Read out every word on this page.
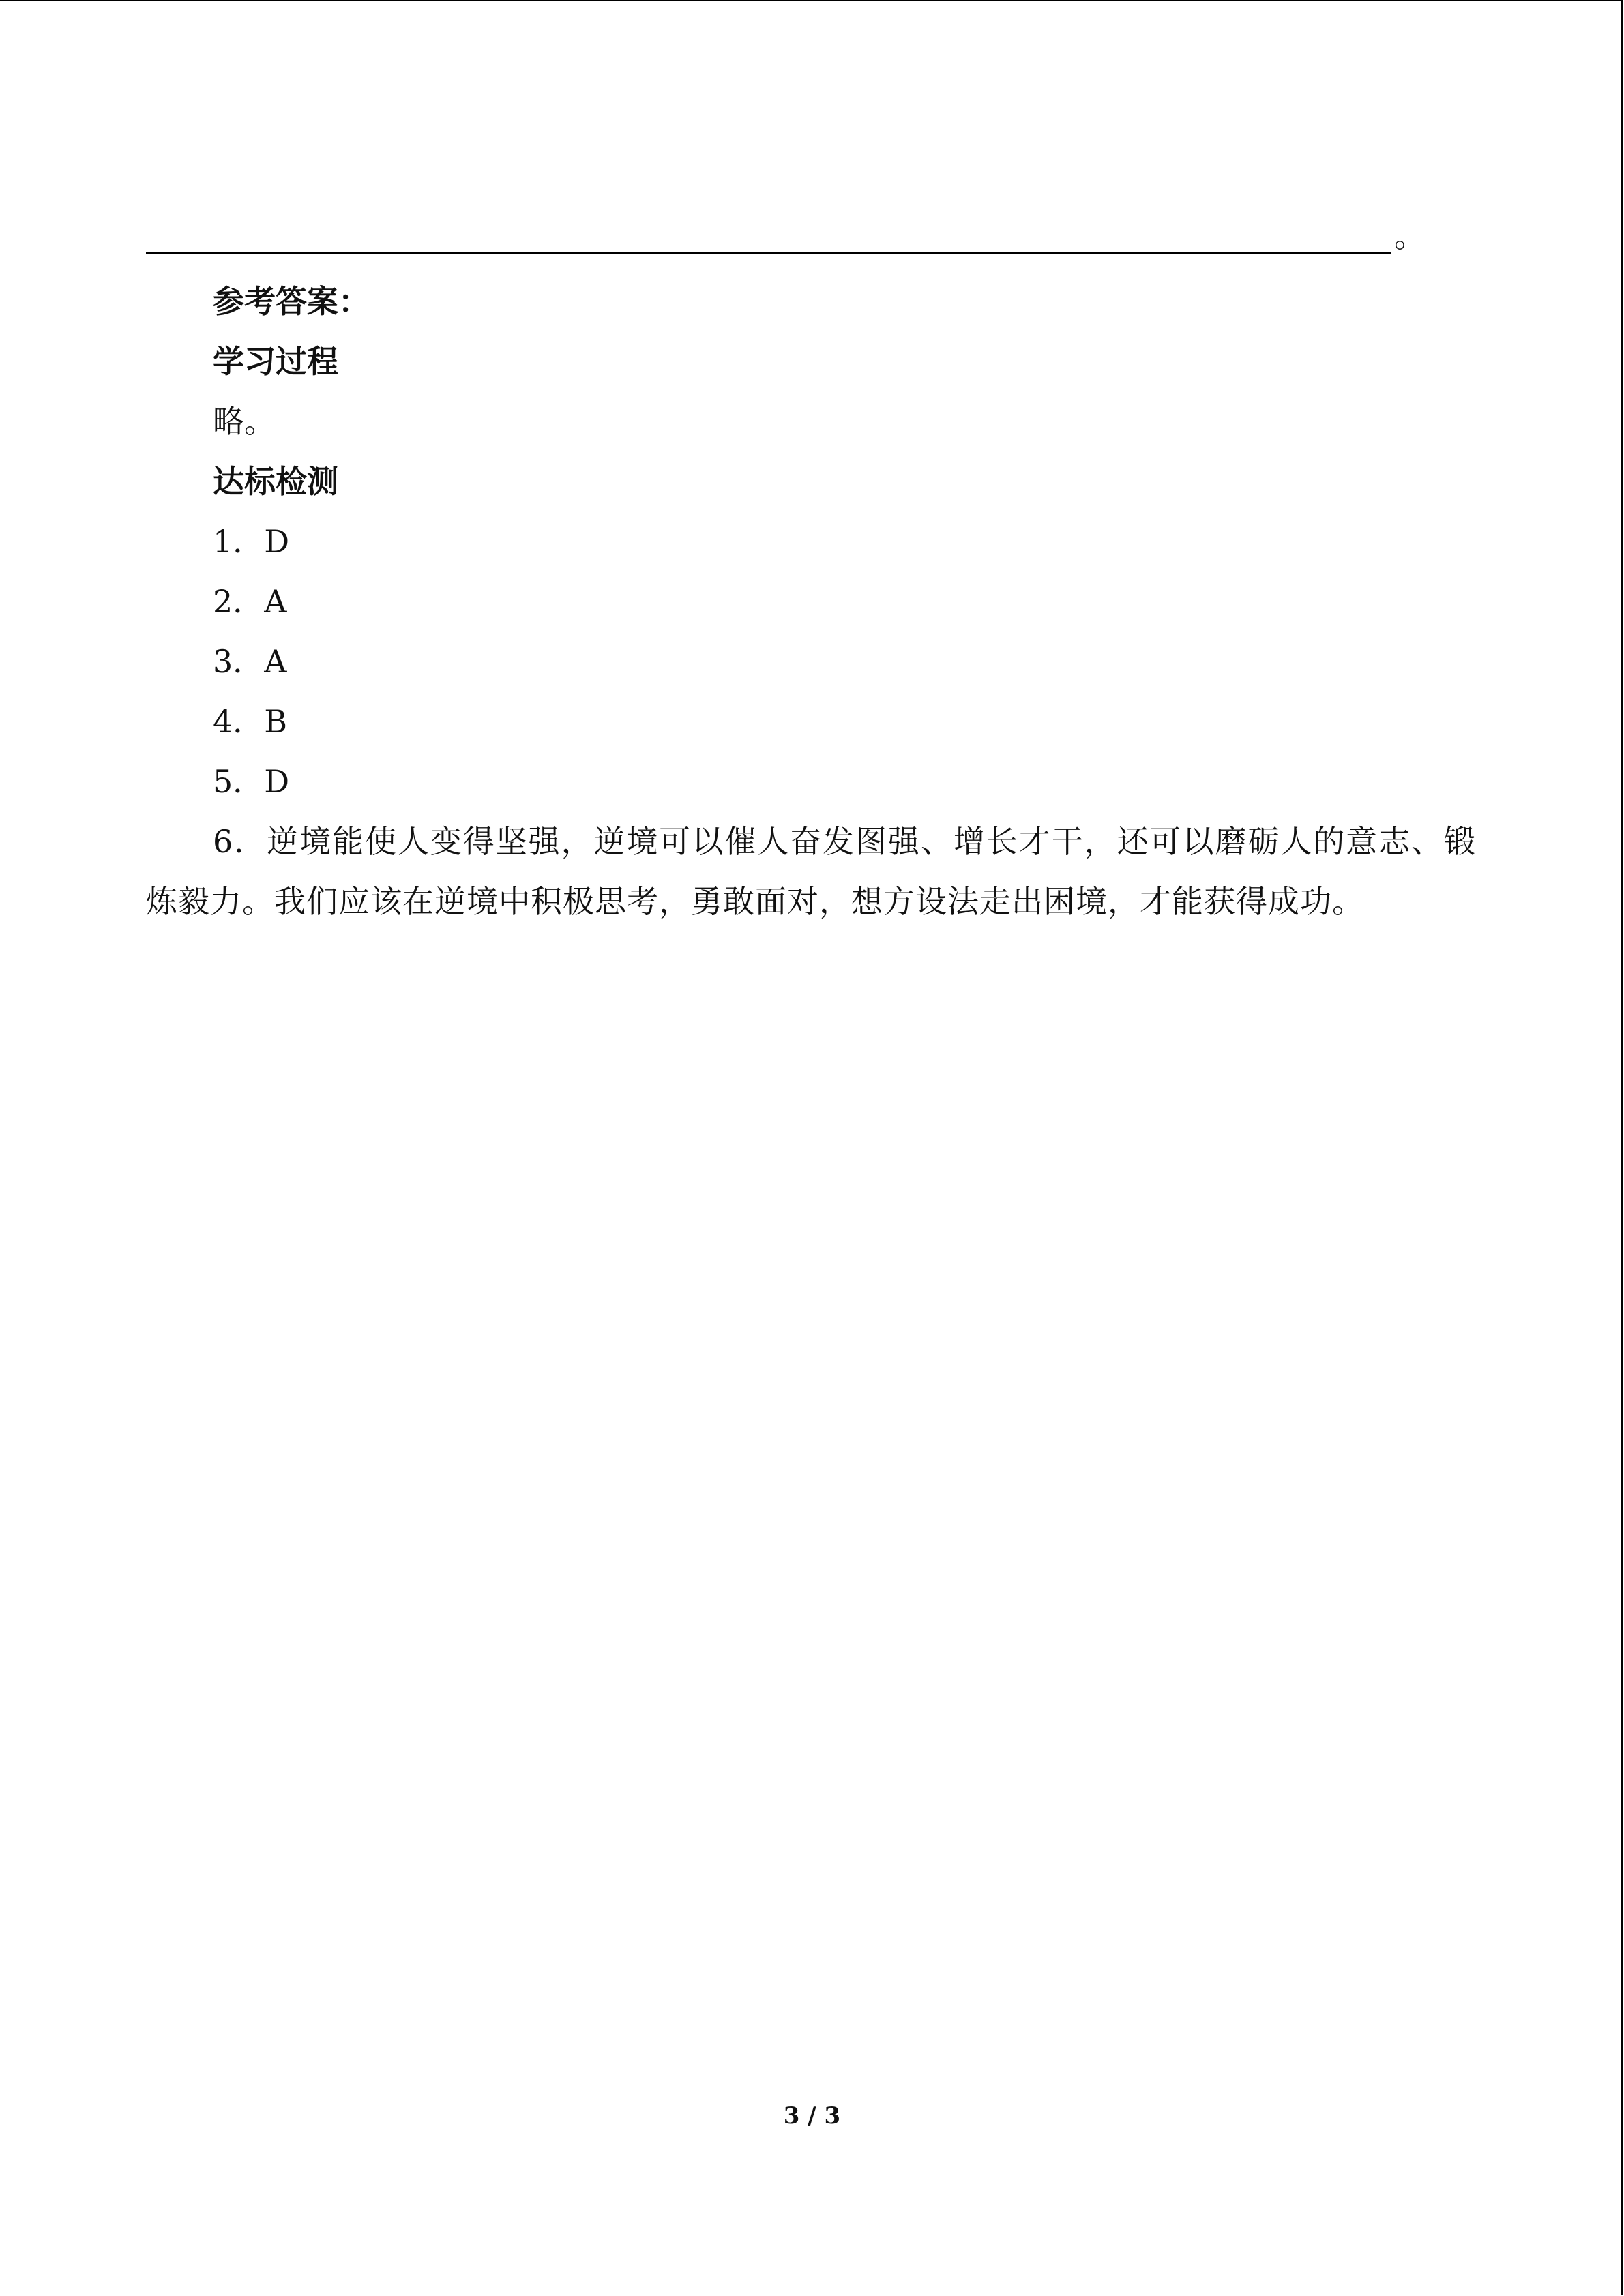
。

参考答案：

学习过程

略。

达标检测

1．D

2．A

3．A

4．B

5．D

6．逆境能使人变得坚强，逆境可以催人奋发图强、增长才干，还可以磨砺人的意志、锻炼毅力。我们应该在逆境中积极思考，勇敢面对，想方设法走出困境，才能获得成功。

3 / 3
